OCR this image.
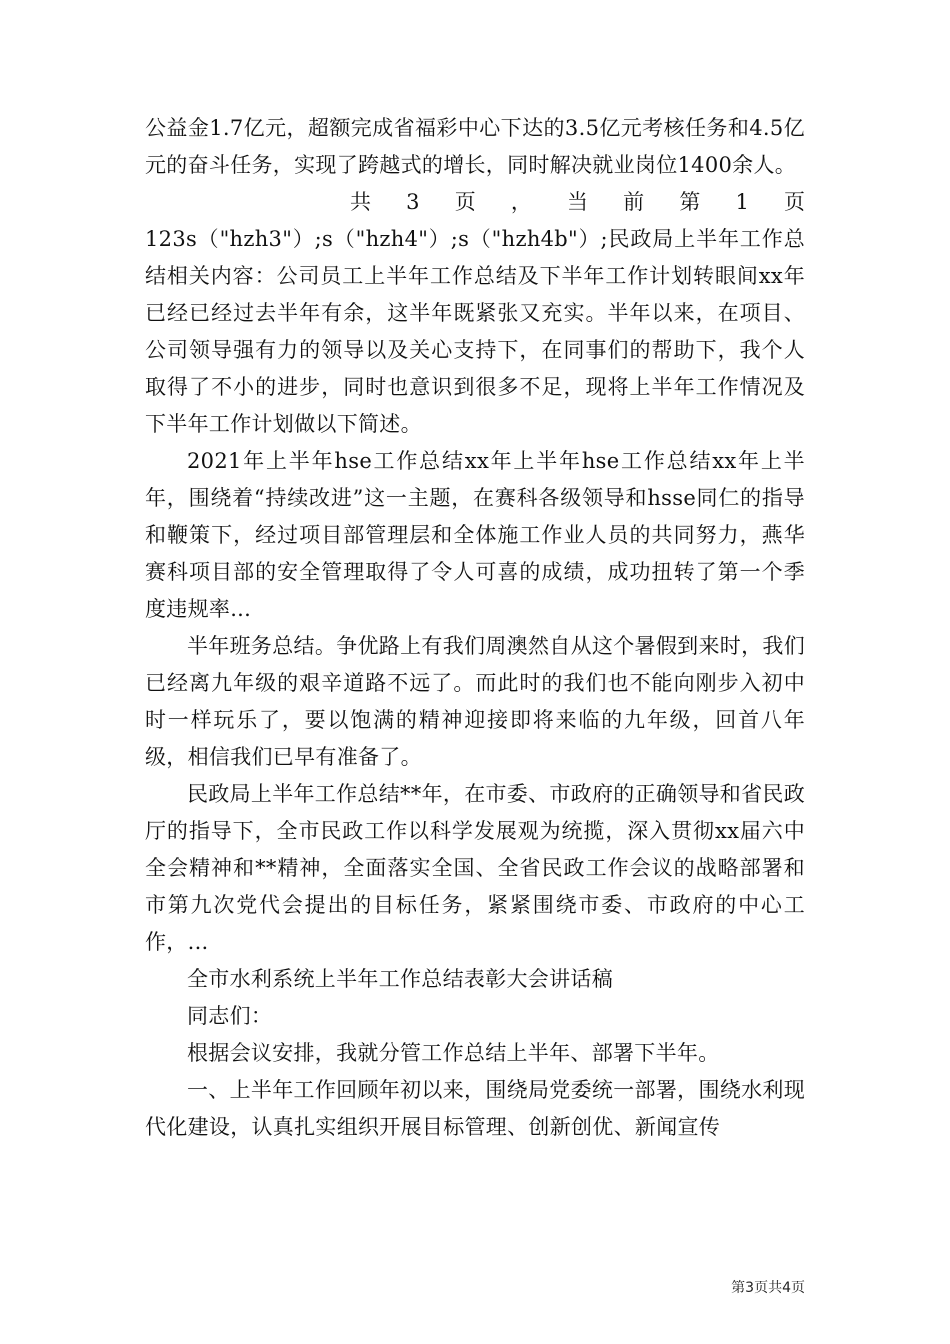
公益金1.7亿元，超额完成省福彩中心下达的3.5亿元考核任务和4.5亿元的奋斗任务，实现了跨越式的增长，同时解决就业岗位1400余人。

共 3 页 ， 当 前 第 1 页

123s（"hzh3"）;s（"hzh4"）;s（"hzh4b"）;民政局上半年工作总结相关内容：公司员工上半年工作总结及下半年工作计划转眼间xx年已经已经过去半年有余，这半年既紧张又充实。半年以来，在项目、公司领导强有力的领导以及关心支持下，在同事们的帮助下，我个人取得了不小的进步，同时也意识到很多不足，现将上半年工作情况及下半年工作计划做以下简述。

2021年上半年hse工作总结xx年上半年hse工作总结xx年上半年，围绕着“持续改进”这一主题，在赛科各级领导和hsse同仁的指导和鞭策下，经过项目部管理层和全体施工作业人员的共同努力，燕华赛科项目部的安全管理取得了令人可喜的成绩，成功扭转了第一个季度违规率...

半年班务总结。争优路上有我们周澳然自从这个暑假到来时，我们已经离九年级的艰辛道路不远了。而此时的我们也不能向刚步入初中时一样玩乐了，要以饱满的精神迎接即将来临的九年级，回首八年级，相信我们已早有准备了。

民政局上半年工作总结**年，在市委、市政府的正确领导和省民政厅的指导下，全市民政工作以科学发展观为统揽，深入贯彻xx届六中全会精神和**精神，全面落实全国、全省民政工作会议的战略部署和市第九次党代会提出的目标任务，紧紧围绕市委、市政府的中心工作，...

全市水利系统上半年工作总结表彰大会讲话稿

同志们：

根据会议安排，我就分管工作总结上半年、部署下半年。

一、上半年工作回顾年初以来，围绕局党委统一部署，围绕水利现代化建设，认真扎实组织开展目标管理、创新创优、新闻宣传

第3页共4页
